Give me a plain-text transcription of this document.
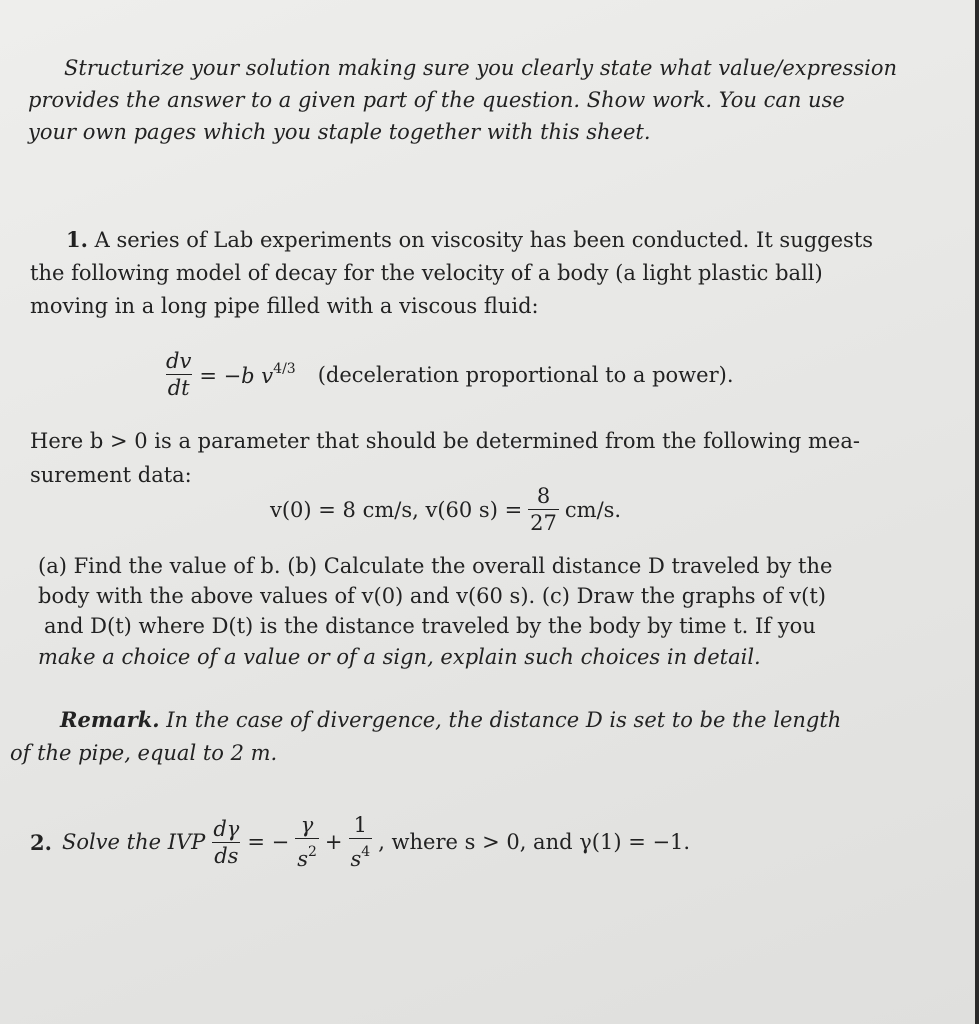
Structurize your solution making sure you clearly state what value/expression
provides the answer to a given part of the question. Show work. You can use
your own pages which you staple together with this sheet.
1. A series of Lab experiments on viscosity has been conducted. It suggests
the following model of decay for the velocity of a body (a light plastic ball)
moving in a long pipe filled with a viscous fluid:
$\frac{dv}{dt} = -b$ $v^{4/3}$ (deceleration proportional to a power).
Here b > 0 is a parameter that should be determined from the following mea-
surement data:
v(0) = 8 cm/s, v(60 $s) = \frac{8}{27} cm/s$.
(a) Find the value of b. (b) Calculate the overall distance D traveled by the
body with the above values of v(0) and v(60 s). (c) Draw the graphs of v(t)
and D(t) where D(t) is the distance traveled by the body by time t. If you
make a choice of a value or of a sign, explain such choices in detail.
Remark. In the case of divergence, the distance D is set to be the length
of the pipe, equal to 2 m.
2. Solve the IVP $\frac{d\gamma}{ds}$ = − $\frac{\gamma}{s^2} + \frac{1}{s^4}$ , where s > 0, and γ(1) = −1.
